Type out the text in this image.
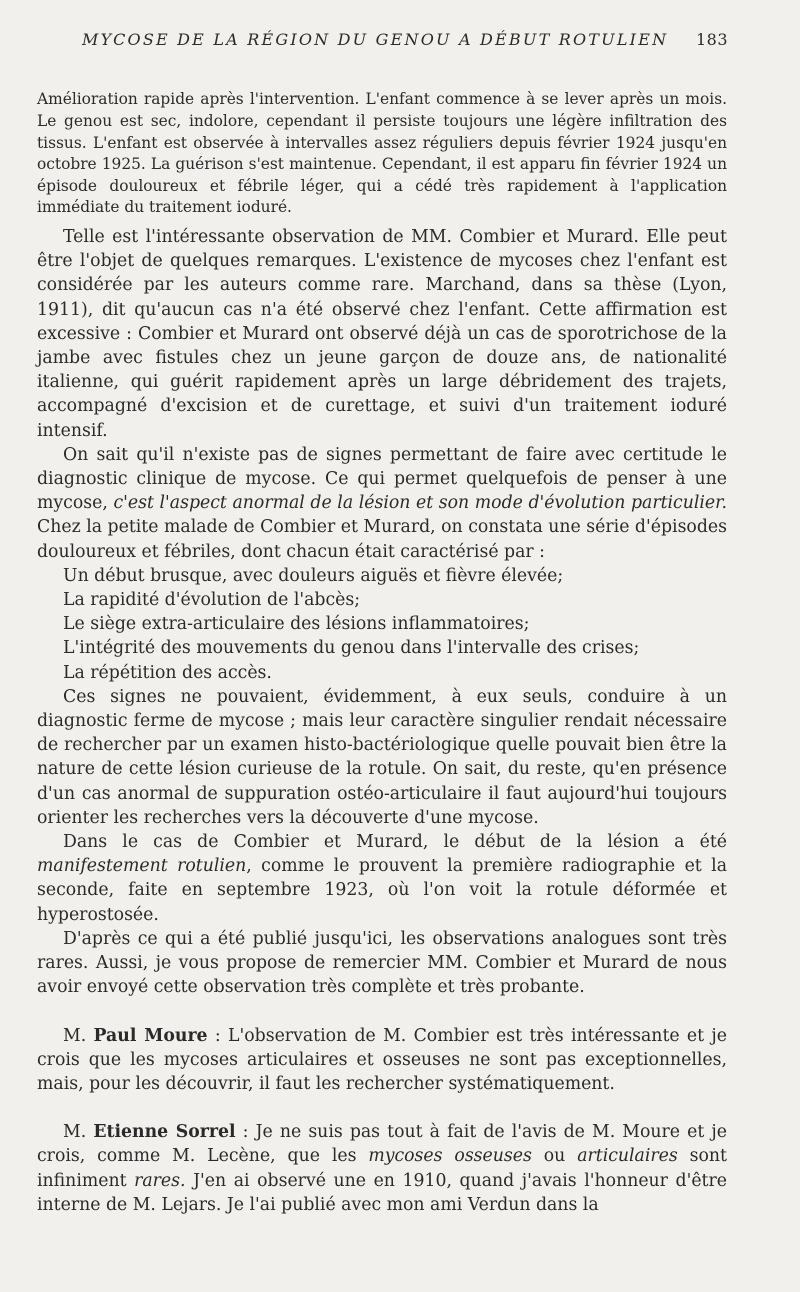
MYCOSE DE LA RÉGION DU GENOU A DÉBUT ROTULIEN 183

Amélioration rapide après l'intervention. L'enfant commence à se lever après un mois. Le genou est sec, indolore, cependant il persiste toujours une légère infiltration des tissus. L'enfant est observée à intervalles assez réguliers depuis février 1924 jusqu'en octobre 1925. La guérison s'est maintenue. Cependant, il est apparu fin février 1924 un épisode douloureux et fébrile léger, qui a cédé très rapidement à l'application immédiate du traitement ioduré.

Telle est l'intéressante observation de MM. Combier et Murard. Elle peut être l'objet de quelques remarques. L'existence de mycoses chez l'enfant est considérée par les auteurs comme rare. Marchand, dans sa thèse (Lyon, 1911), dit qu'aucun cas n'a été observé chez l'enfant. Cette affirmation est excessive : Combier et Murard ont observé déjà un cas de sporotrichose de la jambe avec fistules chez un jeune garçon de douze ans, de nationalité italienne, qui guérit rapidement après un large débridement des trajets, accompagné d'excision et de curettage, et suivi d'un traitement ioduré intensif.

On sait qu'il n'existe pas de signes permettant de faire avec certitude le diagnostic clinique de mycose. Ce qui permet quelquefois de penser à une mycose, c'est l'aspect anormal de la lésion et son mode d'évolution particulier. Chez la petite malade de Combier et Murard, on constata une série d'épisodes douloureux et fébriles, dont chacun était caractérisé par :

Un début brusque, avec douleurs aiguës et fièvre élevée;

La rapidité d'évolution de l'abcès;

Le siège extra-articulaire des lésions inflammatoires;

L'intégrité des mouvements du genou dans l'intervalle des crises;

La répétition des accès.

Ces signes ne pouvaient, évidemment, à eux seuls, conduire à un diagnostic ferme de mycose ; mais leur caractère singulier rendait nécessaire de rechercher par un examen histo-bactériologique quelle pouvait bien être la nature de cette lésion curieuse de la rotule. On sait, du reste, qu'en présence d'un cas anormal de suppuration ostéo-articulaire il faut aujourd'hui toujours orienter les recherches vers la découverte d'une mycose.

Dans le cas de Combier et Murard, le début de la lésion a été manifestement rotulien, comme le prouvent la première radiographie et la seconde, faite en septembre 1923, où l'on voit la rotule déformée et hyperostosée.

D'après ce qui a été publié jusqu'ici, les observations analogues sont très rares. Aussi, je vous propose de remercier MM. Combier et Murard de nous avoir envoyé cette observation très complète et très probante.

M. Paul Moure : L'observation de M. Combier est très intéressante et je crois que les mycoses articulaires et osseuses ne sont pas exceptionnelles, mais, pour les découvrir, il faut les rechercher systématiquement.

M. Etienne Sorrel : Je ne suis pas tout à fait de l'avis de M. Moure et je crois, comme M. Lecène, que les mycoses osseuses ou articulaires sont infiniment rares. J'en ai observé une en 1910, quand j'avais l'honneur d'être interne de M. Lejars. Je l'ai publié avec mon ami Verdun dans la
